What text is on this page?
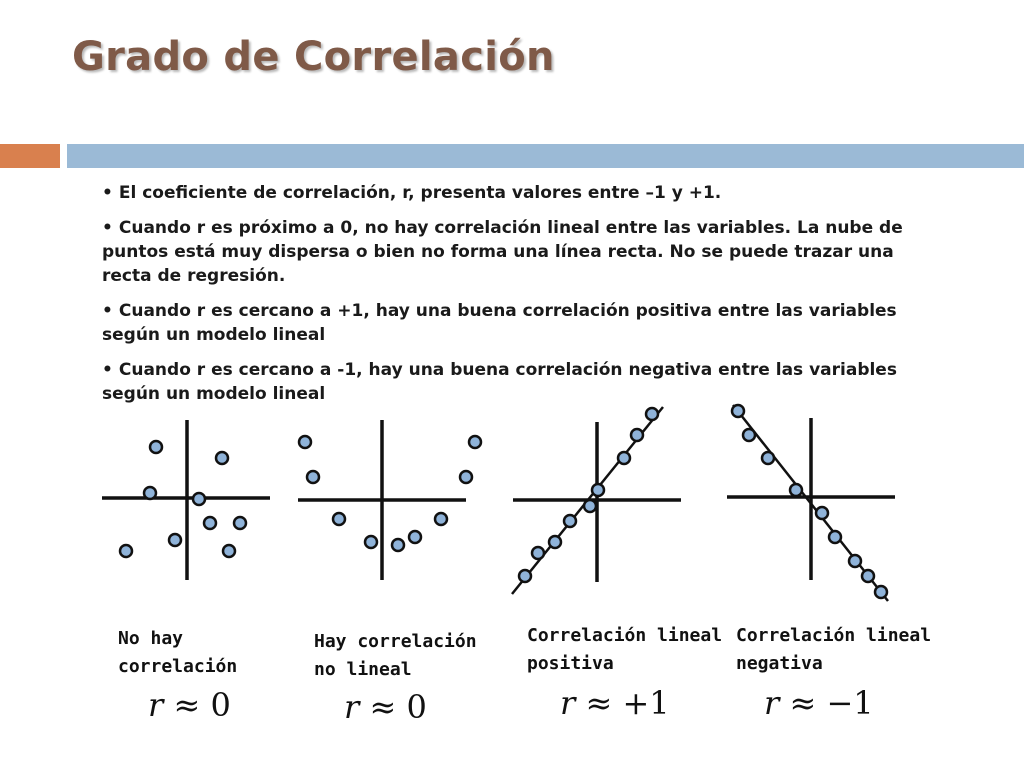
Grado de Correlación
• El coeficiente de correlación, r, presenta valores entre –1 y +1.
• Cuando r es próximo a 0, no hay correlación lineal entre las variables. La nube de puntos está muy dispersa o bien no forma una línea recta. No se puede trazar una recta de regresión.
• Cuando r es cercano a +1, hay una buena correlación positiva entre las variables según un modelo lineal
• Cuando r es cercano a -1, hay una buena correlación negativa entre las variables según un modelo lineal
No hay
correlación
Hay correlación
no lineal
Correlación lineal
positiva
Correlación lineal
negativa
r ≈ 0	r ≈ 0	r ≈ +1	r ≈ −1
